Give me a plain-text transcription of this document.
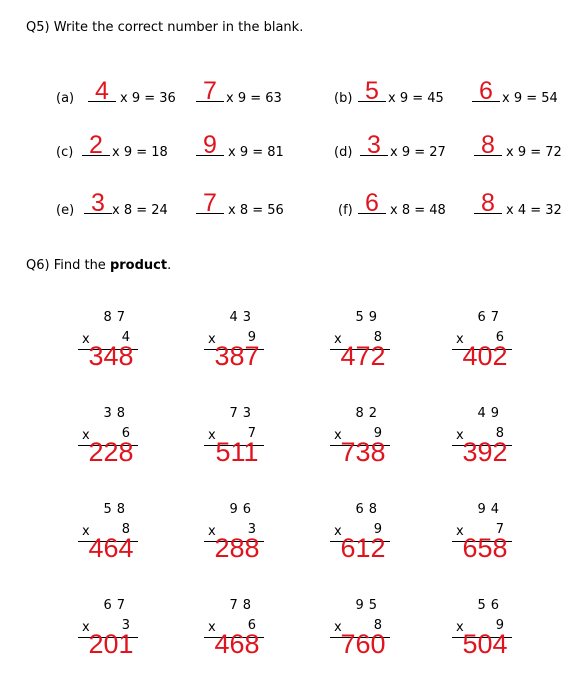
Q5) Write the correct number in the blank.
(a) 4 x 9 = 36 7 x 9 = 63	(b) 5 x 9 = 45 6 x 9 = 54
(c) 2 x 9 = 18 9 x 9 = 81	(d) 3 x 9 = 27 8 x 9 = 72
(e) 3 x 8 = 24 7 x 8 = 56	(f) 6 x 8 = 48 8 x 4 = 32
Q6) Find the product.
87
x 4
348
43
x 9
387
59
x 8
472
67
x 6
402
38
x 6
228
73
x 7
511
82
x 9
738
49
x 8
392
58
x 8
464
96
x 3
288
68
x 9
612
94
x 7
658
67
x 3
201
78
x 6
468
95
x 8
760
56
x 9
504
